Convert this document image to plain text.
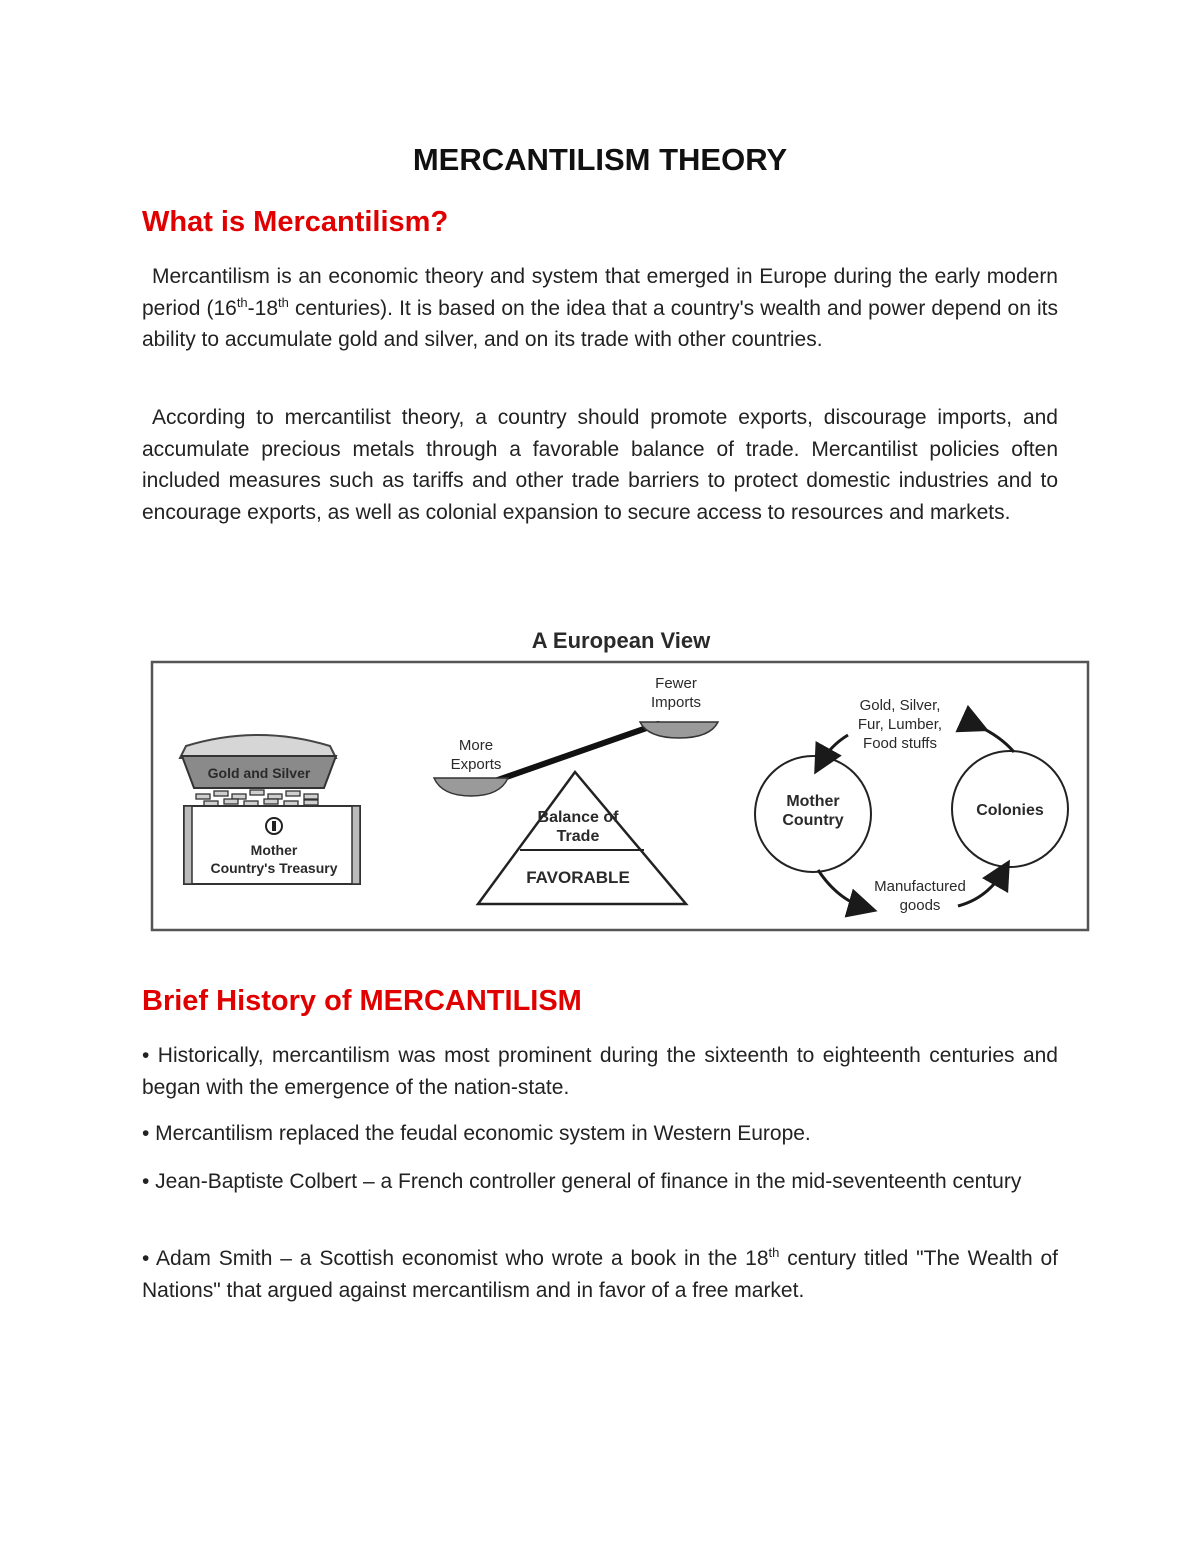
MERCANTILISM THEORY
What is Mercantilism?

Mercantilism is an economic theory and system that emerged in Europe during the early modern period (16th-18th centuries). It is based on the idea that a country's wealth and power depend on its ability to accumulate gold and silver, and on its trade with other countries.

According to mercantilist theory, a country should promote exports, discourage imports, and accumulate precious metals through a favorable balance of trade. Mercantilist policies often included measures such as tariffs and other trade barriers to protect domestic industries and to encourage exports, as well as colonial expansion to secure access to resources and markets.

A European View
Gold and Silver
Mother
Country's Treasury
Fewer
Imports
More
Exports
Balance of
Trade
FAVORABLE
Gold, Silver,
Fur, Lumber,
Food stuffs
Mother
Country
Colonies
Manufactured
goods
Brief History of MERCANTILISM

• Historically, mercantilism was most prominent during the sixteenth to eighteenth centuries and began with the emergence of the nation-state.

• Mercantilism replaced the feudal economic system in Western Europe.

• Jean-Baptiste Colbert – a French controller general of finance in the mid-seventeenth century

• Adam Smith – a Scottish economist who wrote a book in the 18th century titled "The Wealth of Nations" that argued against mercantilism and in favor of a free market.
